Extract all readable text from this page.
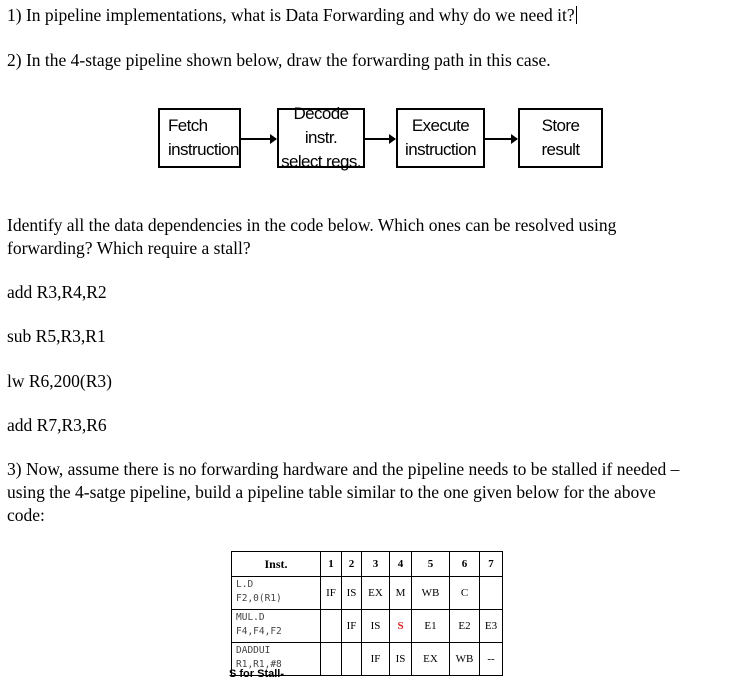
1) In pipeline implementations, what is Data Forwarding and why do we need it?
2) In the 4-stage pipeline shown below, draw the forwarding path in this case.
Fetch
instruction
Decode instr.
select regs.
Execute
instruction
Store
result
Identify all the data dependencies in the code below. Which ones can be resolved using
forwarding? Which require a stall?
add R3,R4,R2
sub R5,R3,R1
lw R6,200(R3)
add R7,R3,R6
3) Now, assume there is no forwarding hardware and the pipeline needs to be stalled if needed –
using the 4-satge pipeline, build a pipeline table similar to the one given below for the above
code:
Inst.	1	2	3	4	5	6	7

L.D
F2,0(R1)	IF	IS	EX	M	WB	C	

MUL.D
F4,F4,F2		IF	IS	S	E1	E2	E3

DADDUI
R1,R1,#8			IF	IS	EX	WB	--
S for Stall-
